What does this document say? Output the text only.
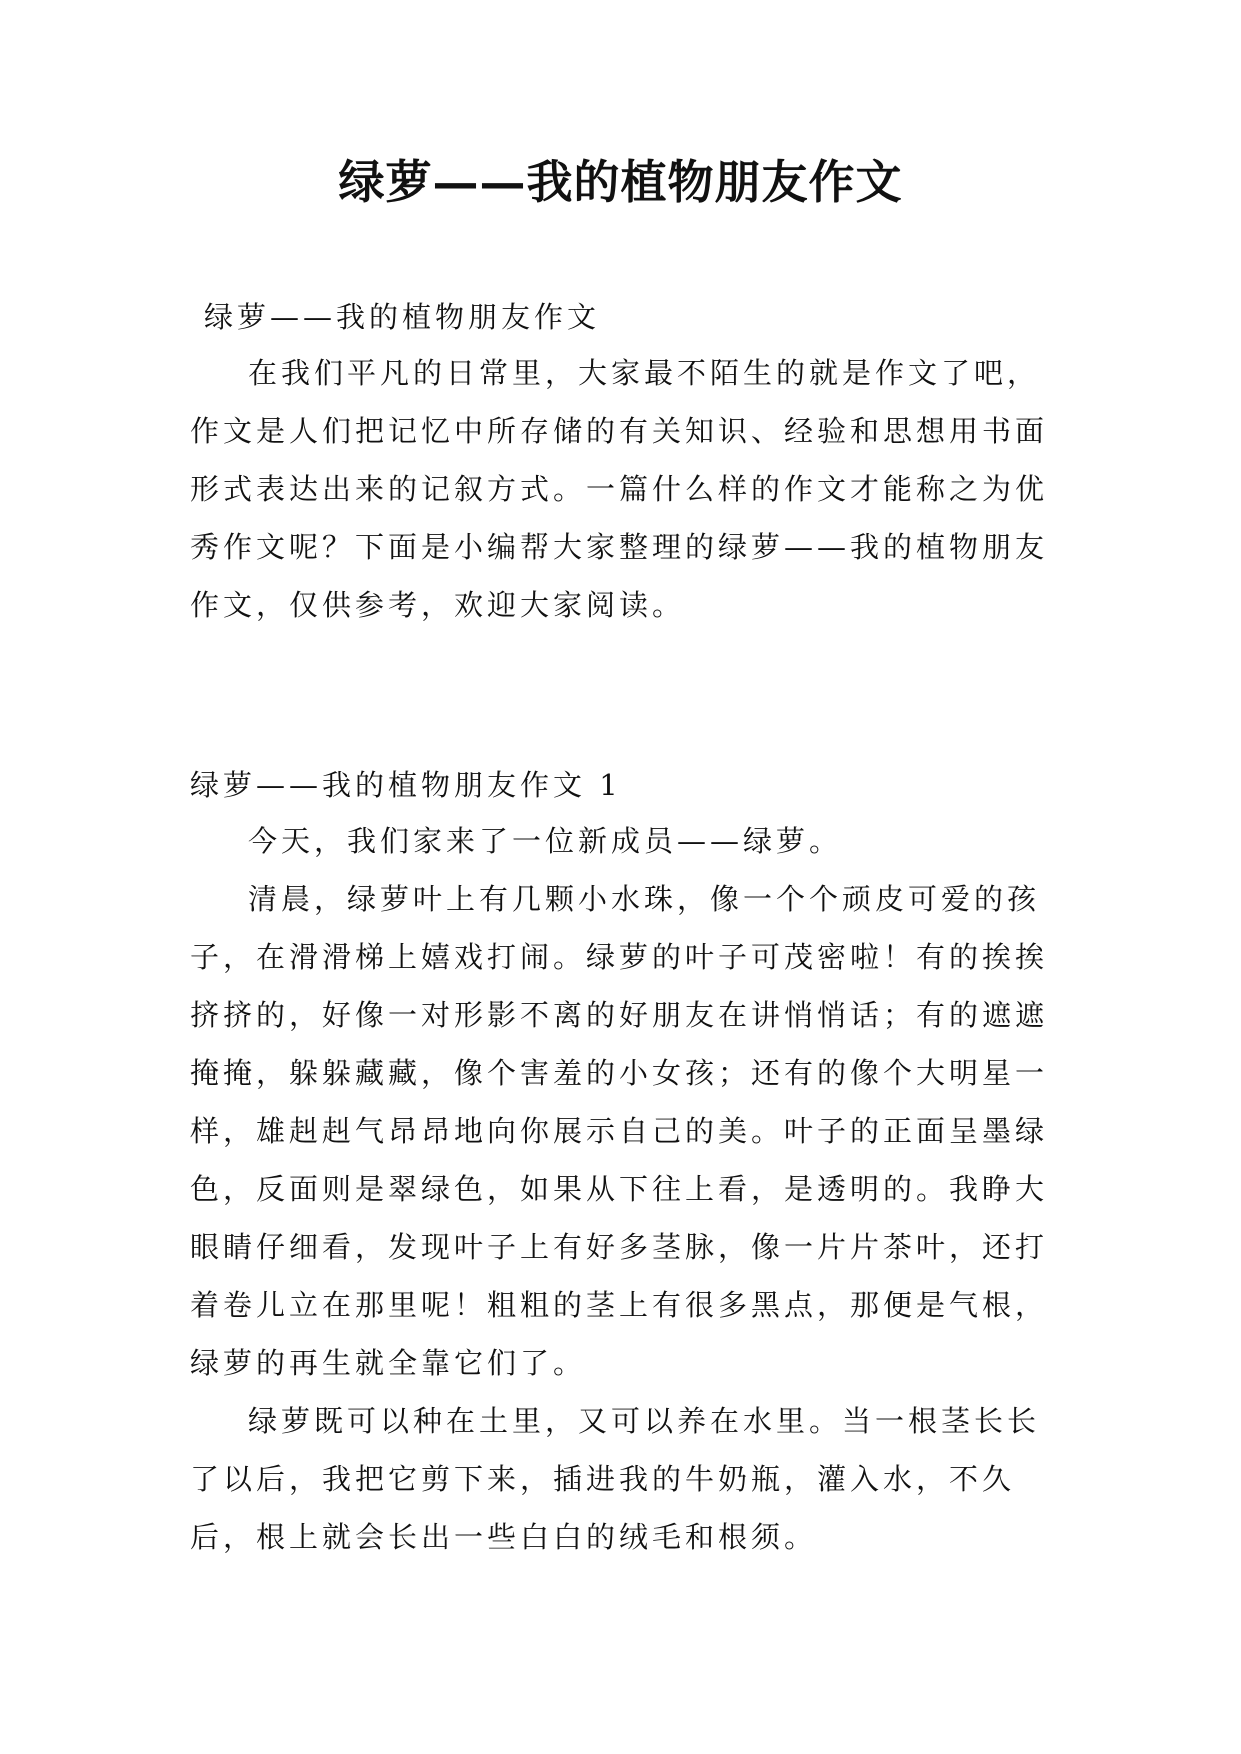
绿萝——我的植物朋友作文
绿萝——我的植物朋友作文

在我们平凡的日常里，大家最不陌生的就是作文了吧，作文是人们把记忆中所存储的有关知识、经验和思想用书面形式表达出来的记叙方式。一篇什么样的作文才能称之为优秀作文呢？下面是小编帮大家整理的绿萝——我的植物朋友作文，仅供参考，欢迎大家阅读。

绿萝——我的植物朋友作文 1

今天，我们家来了一位新成员——绿萝。

清晨，绿萝叶上有几颗小水珠，像一个个顽皮可爱的孩子，在滑滑梯上嬉戏打闹。绿萝的叶子可茂密啦！有的挨挨挤挤的，好像一对形影不离的好朋友在讲悄悄话；有的遮遮掩掩，躲躲藏藏，像个害羞的小女孩；还有的像个大明星一样，雄赳赳气昂昂地向你展示自己的美。叶子的正面呈墨绿色，反面则是翠绿色，如果从下往上看，是透明的。我睁大眼睛仔细看，发现叶子上有好多茎脉，像一片片茶叶，还打着卷儿立在那里呢！粗粗的茎上有很多黑点，那便是气根，绿萝的再生就全靠它们了。

绿萝既可以种在土里，又可以养在水里。当一根茎长长了以后，我把它剪下来，插进我的牛奶瓶，灌入水，不久后，根上就会长出一些白白的绒毛和根须。
